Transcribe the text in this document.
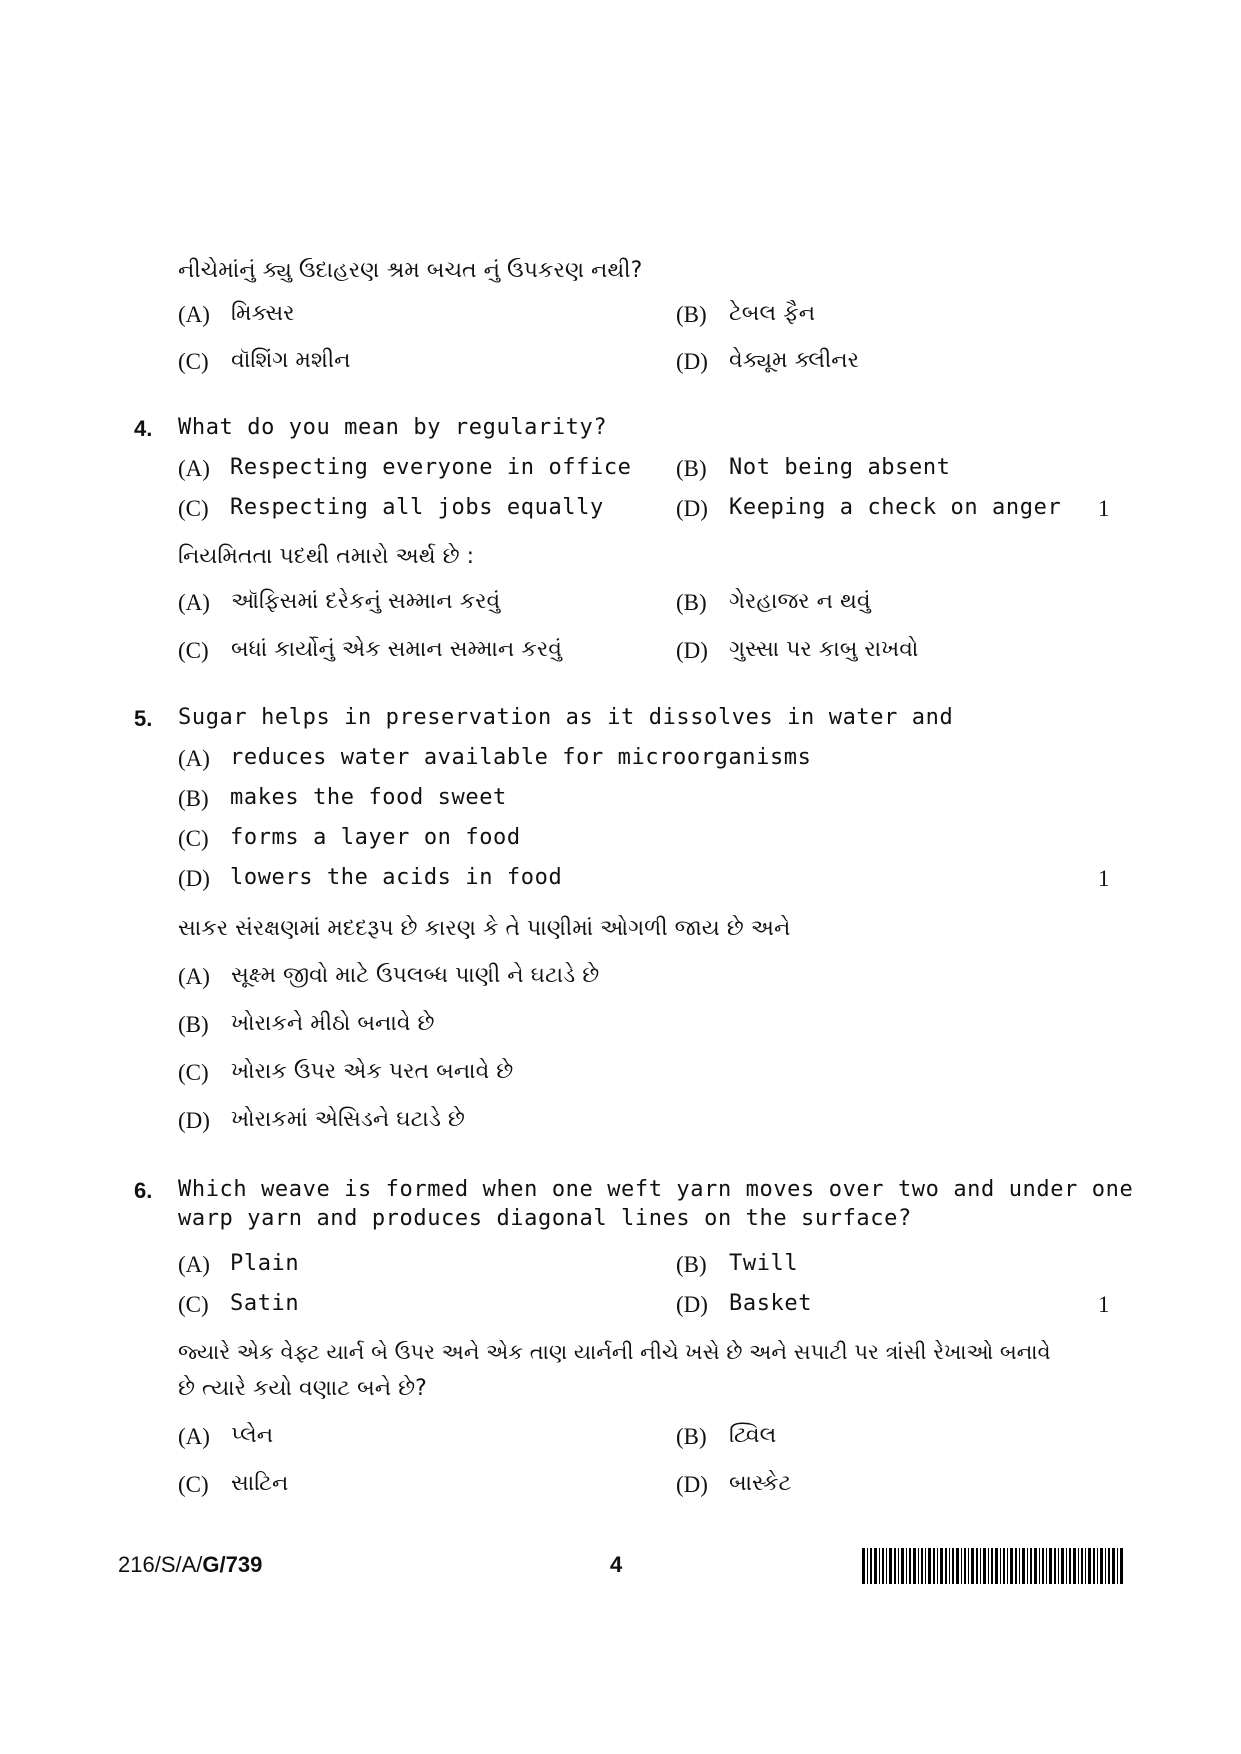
નીચેમાંનું ક્યુ ઉદાહરણ શ્રમ બચત નું ઉપકરણ નથી?
(A) મિક્સર	(B) ટેબલ ફૈન
(C) વૉશિંગ મશીન	(D) વેક્યૂમ ક્લીનર
4. What do you mean by regularity?
(A) Respecting everyone in office (B) Not being absent
(C) Respecting all jobs equally	(D) Keeping a check on anger 1
નિયમિતતા પદથી તમારો અર્થ છે :
(A) ઑફિસમાં દરેકનું સમ્માન કરવું	(B) ગેરહાજર ન થવું
(C) બધાં કાર્યોનું એક સમાન સમ્માન કરવું	(D) ગુસ્સા પર કાબુ રાખવો
5. Sugar helps in preservation as it dissolves in water and
(A) reduces water available for microorganisms
(B) makes the food sweet
(C) forms a layer on food
(D) lowers the acids in food	1
સાકર સંરક્ષણમાં મદદરૂપ છે કારણ કે તે પાણીમાં ઓગળી જાય છે અને
(A) સૂક્ષ્મ જીવો માટે ઉપલબ્ધ પાણી ને ઘટાડે છે
(B) ખોરાકને મીઠો બનાવે છે
(C) ખોરાક ઉપર એક પરત બનાવે છે
(D) ખોરાકમાં એસિડને ઘટાડે છે
6. Which weave is formed when one weft yarn moves over two and under one
warp yarn and produces diagonal lines on the surface?
(A) Plain	(B) Twill
(C) Satin	(D) Basket	1
જ્યારે એક વેફ્ટ યાર્ન બે ઉપર અને એક તાણ યાર્નની નીચે ખસે છે અને સપાટી પર ત્રાંસી રેખાઓ બનાવે
છે ત્યારે કયો વણાટ બને છે?
(A) પ્લેન	(B) ટ્વિલ
(C) સાટિન	(D) બાસ્કેટ
216/S/A/G/739	4
